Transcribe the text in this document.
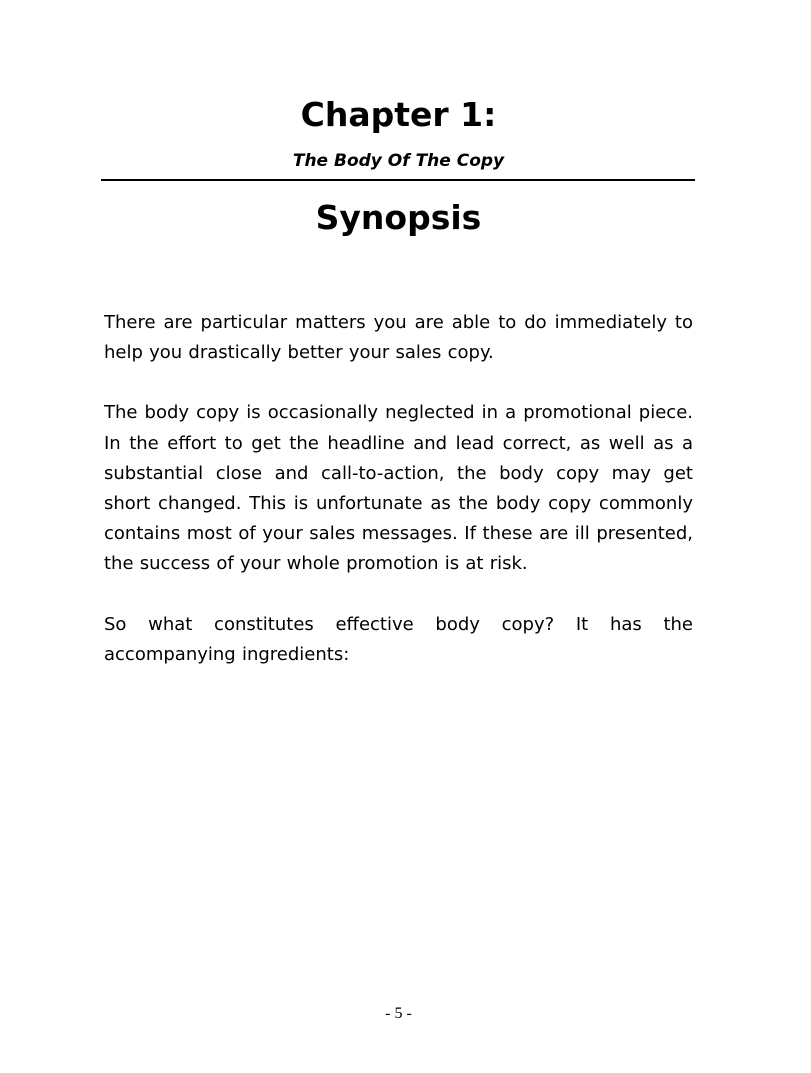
Chapter 1:
The Body Of The Copy
Synopsis

There are particular matters you are able to do immediately to help you drastically better your sales copy.

The body copy is occasionally neglected in a promotional piece. In the effort to get the headline and lead correct, as well as a substantial close and call-to-action, the body copy may get short changed. This is unfortunate as the body copy commonly contains most of your sales messages. If these are ill presented, the success of your whole promotion is at risk.

So what constitutes effective body copy? It has the accompanying ingredients:

- 5 -
